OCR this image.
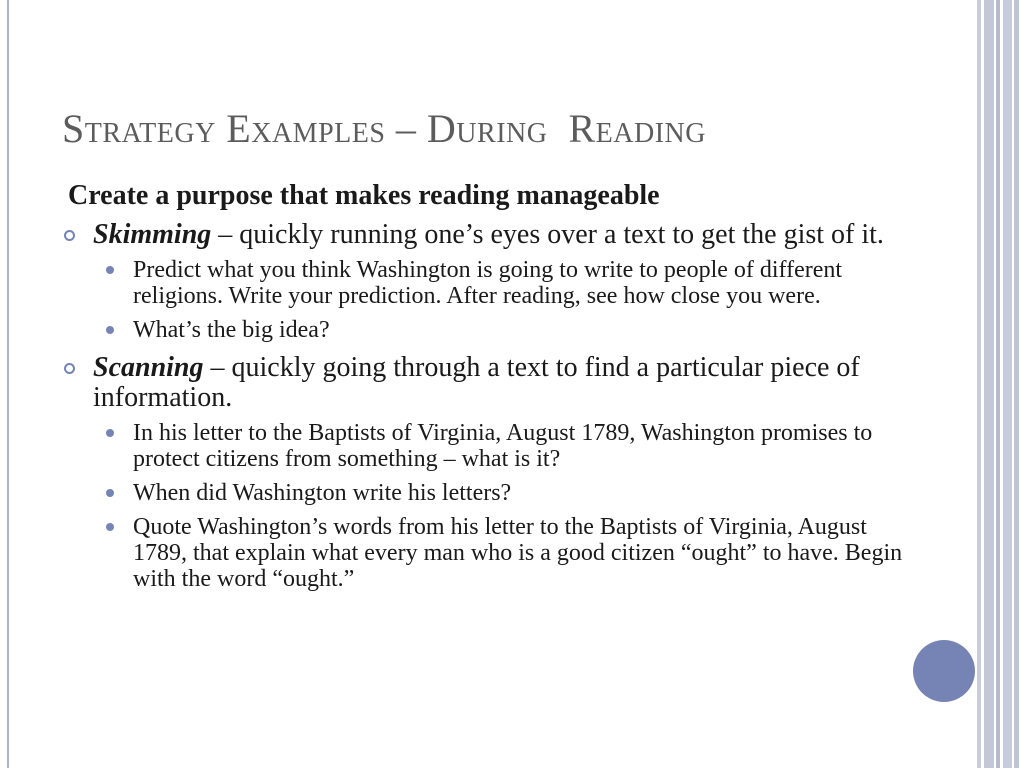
Strategy Examples – During  Reading
Create a purpose that makes reading manageable
Skimming – quickly running one’s eyes over a text to get the gist of it.
Predict what you think Washington is going to write to people of different religions. Write your prediction. After reading, see how close you were.
What’s the big idea?
Scanning – quickly going through a text to find a particular piece of information.
In his letter to the Baptists of Virginia, August 1789, Washington promises to protect citizens from something – what is it?
When did Washington write his letters?
Quote Washington’s words from his letter to the Baptists of Virginia, August 1789, that explain what every man who is a good citizen “ought” to have. Begin with the word “ought.”
